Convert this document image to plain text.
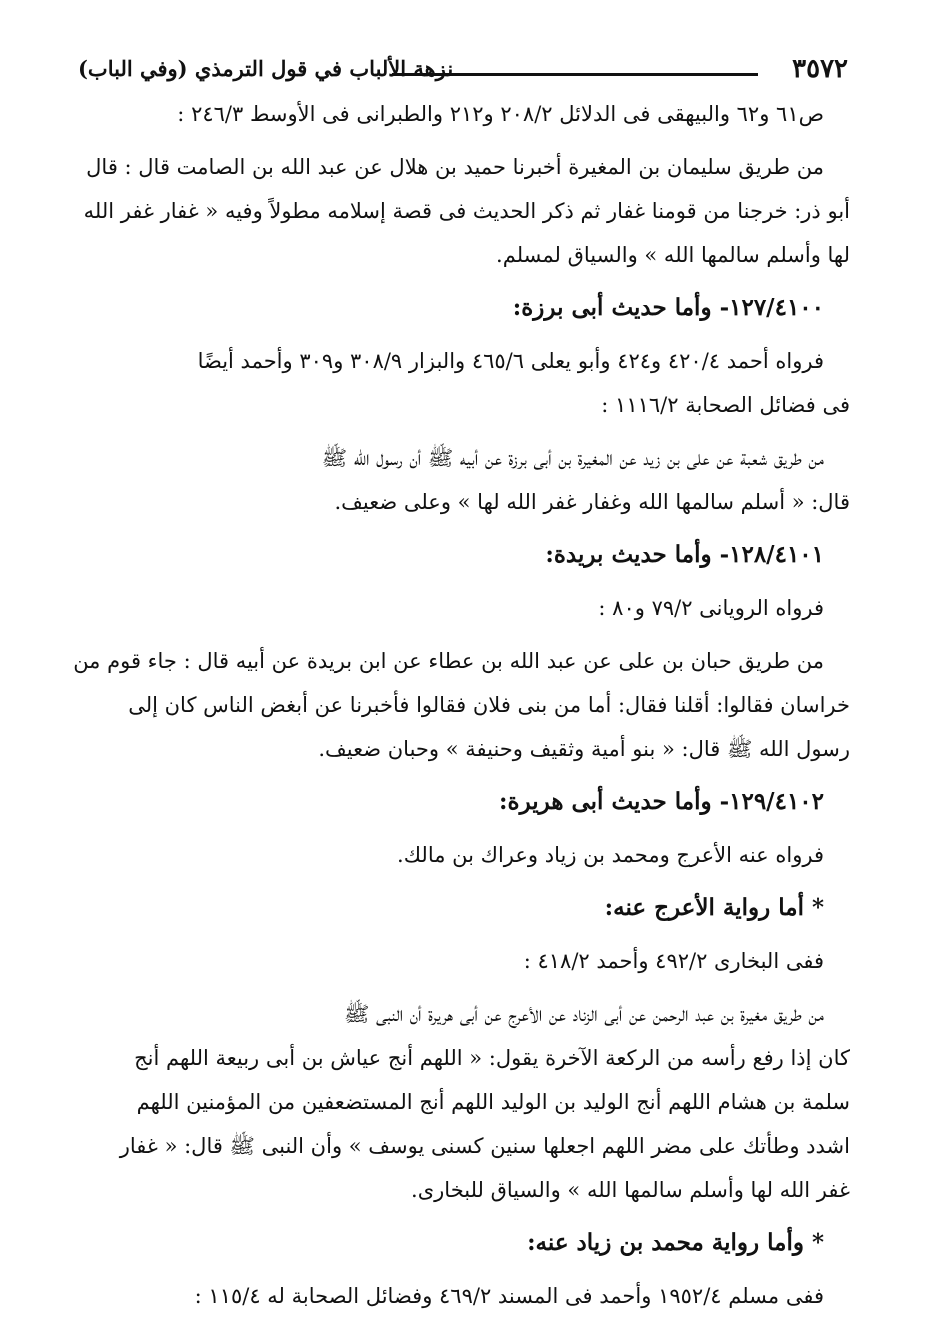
٣٥٧٢
نزهة الألباب في قول الترمذي (وفي الباب)

ص٦١ و٦٢ والبيهقى فى الدلائل ٢٠٨/٢ و٢١٢ والطبرانى فى الأوسط ٢٤٦/٣ :

من طريق سليمان بن المغيرة أخبرنا حميد بن هلال عن عبد الله بن الصامت قال : قال
أبو ذر: خرجنا من قومنا غفار ثم ذكر الحديث فى قصة إسلامه مطولاً وفيه « غفار غفر الله
لها وأسلم سالمها الله » والسياق لمسلم.

١٢٧/٤١٠٠- وأما حديث أبى برزة:

فرواه أحمد ٤٢٠/٤ و٤٢٤ وأبو يعلى ٤٦٥/٦ والبزار ٣٠٨/٩ و٣٠٩ وأحمد أيضًا
فى فضائل الصحابة ١١١٦/٢ :

من طريق شعبة عن على بن زيد عن المغيرة بن أبى برزة عن أبيه ﷺ أن رسول الله ﷺ
قال: « أسلم سالمها الله وغفار غفر الله لها » وعلى ضعيف.

١٢٨/٤١٠١- وأما حديث بريدة:

فرواه الرويانى ٧٩/٢ و٨٠ :

من طريق حبان بن على عن عبد الله بن عطاء عن ابن بريدة عن أبيه قال : جاء قوم من
خراسان فقالوا: أقلنا فقال: أما من بنى فلان فقالوا فأخبرنا عن أبغض الناس كان إلى
رسول الله ﷺ قال: « بنو أمية وثقيف وحنيفة » وحبان ضعيف.

١٢٩/٤١٠٢- وأما حديث أبى هريرة:

فرواه عنه الأعرج ومحمد بن زياد وعراك بن مالك.

* أما رواية الأعرج عنه:

ففى البخارى ٤٩٢/٢ وأحمد ٤١٨/٢ :

من طريق مغيرة بن عبد الرحمن عن أبى الزناد عن الأعرج عن أبى هريرة أن النبى ﷺ
كان إذا رفع رأسه من الركعة الآخرة يقول: « اللهم أنج عياش بن أبى ربيعة اللهم أنج
سلمة بن هشام اللهم أنج الوليد بن الوليد اللهم أنج المستضعفين من المؤمنين اللهم
اشدد وطأتك على مضر اللهم اجعلها سنين كسنى يوسف » وأن النبى ﷺ قال: « غفار
غفر الله لها وأسلم سالمها الله » والسياق للبخارى.

* وأما رواية محمد بن زياد عنه:

ففى مسلم ١٩٥٢/٤ وأحمد فى المسند ٤٦٩/٢ وفضائل الصحابة له ١١٥/٤ :
